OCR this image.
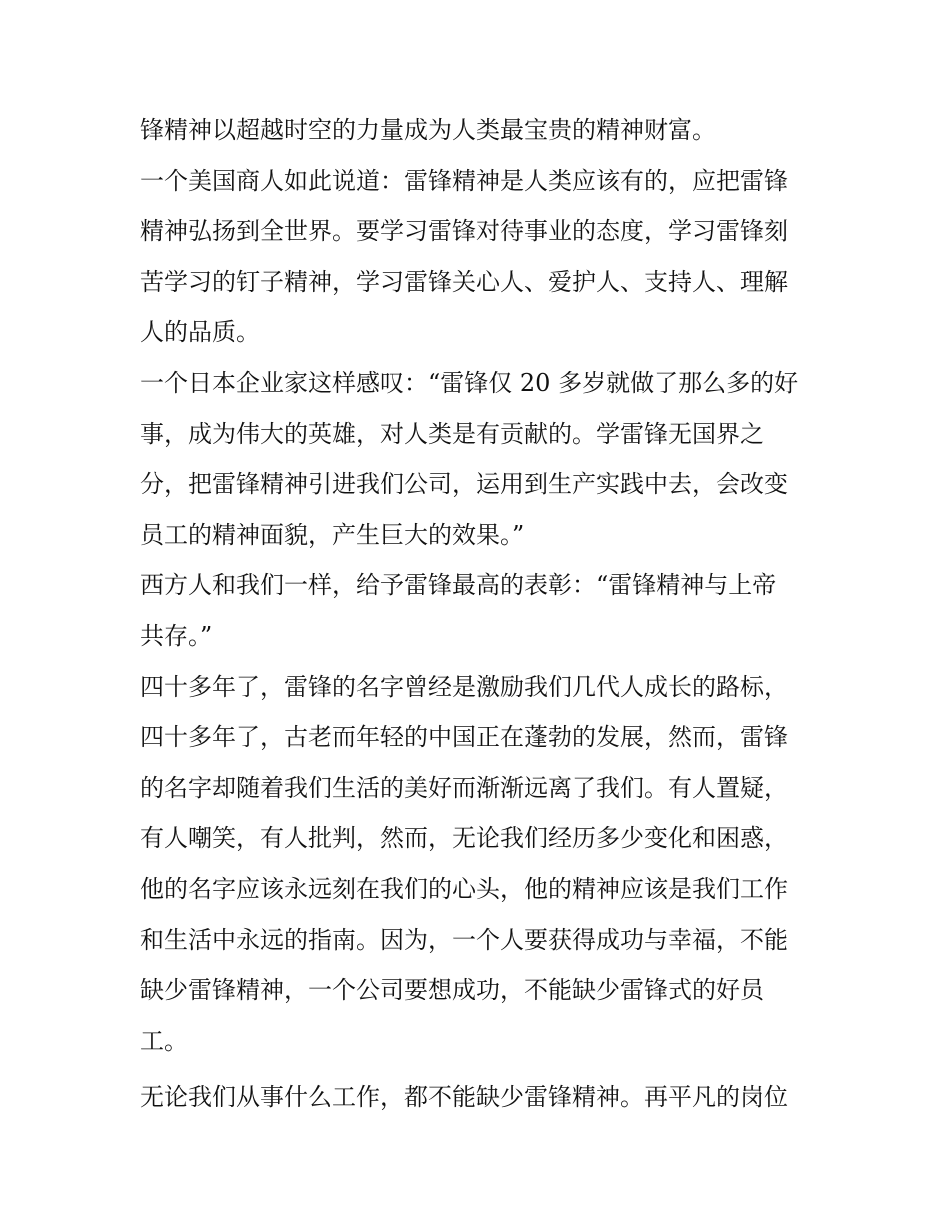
锋精神以超越时空的力量成为人类最宝贵的精神财富。
一个美国商人如此说道：雷锋精神是人类应该有的，应把雷锋
精神弘扬到全世界。要学习雷锋对待事业的态度，学习雷锋刻
苦学习的钉子精神，学习雷锋关心人、爱护人、支持人、理解
人的品质。
一个日本企业家这样感叹：“雷锋仅 20 多岁就做了那么多的好
事，成为伟大的英雄，对人类是有贡献的。学雷锋无国界之
分，把雷锋精神引进我们公司，运用到生产实践中去，会改变
员工的精神面貌，产生巨大的效果。”
西方人和我们一样，给予雷锋最高的表彰：“雷锋精神与上帝
共存。”
四十多年了，雷锋的名字曾经是激励我们几代人成长的路标，
四十多年了，古老而年轻的中国正在蓬勃的发展，然而，雷锋
的名字却随着我们生活的美好而渐渐远离了我们。有人置疑，
有人嘲笑，有人批判，然而，无论我们经历多少变化和困惑，
他的名字应该永远刻在我们的心头，他的精神应该是我们工作
和生活中永远的指南。因为，一个人要获得成功与幸福，不能
缺少雷锋精神，一个公司要想成功，不能缺少雷锋式的好员
工。
无论我们从事什么工作，都不能缺少雷锋精神。再平凡的岗位
